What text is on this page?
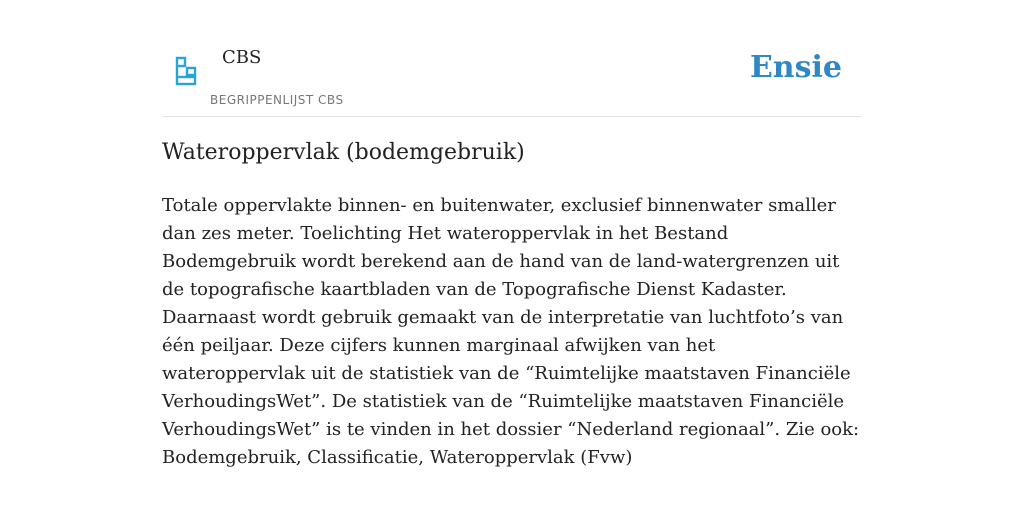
CBS
BEGRIPPENLIJST CBS
Ensie
Wateroppervlak (bodemgebruik)

Totale oppervlakte binnen- en buitenwater, exclusief binnenwater smaller dan zes meter. Toelichting Het wateroppervlak in het Bestand Bodemgebruik wordt berekend aan de hand van de land-watergrenzen uit de topografische kaartbladen van de Topografische Dienst Kadaster. Daarnaast wordt gebruik gemaakt van de interpretatie van luchtfoto’s van één peiljaar. Deze cijfers kunnen marginaal afwijken van het wateroppervlak uit de statistiek van de “Ruimtelijke maatstaven Financiële VerhoudingsWet”. De statistiek van de “Ruimtelijke maatstaven Financiële VerhoudingsWet” is te vinden in het dossier “Nederland regionaal”. Zie ook: Bodemgebruik, Classificatie, Wateroppervlak (Fvw)
